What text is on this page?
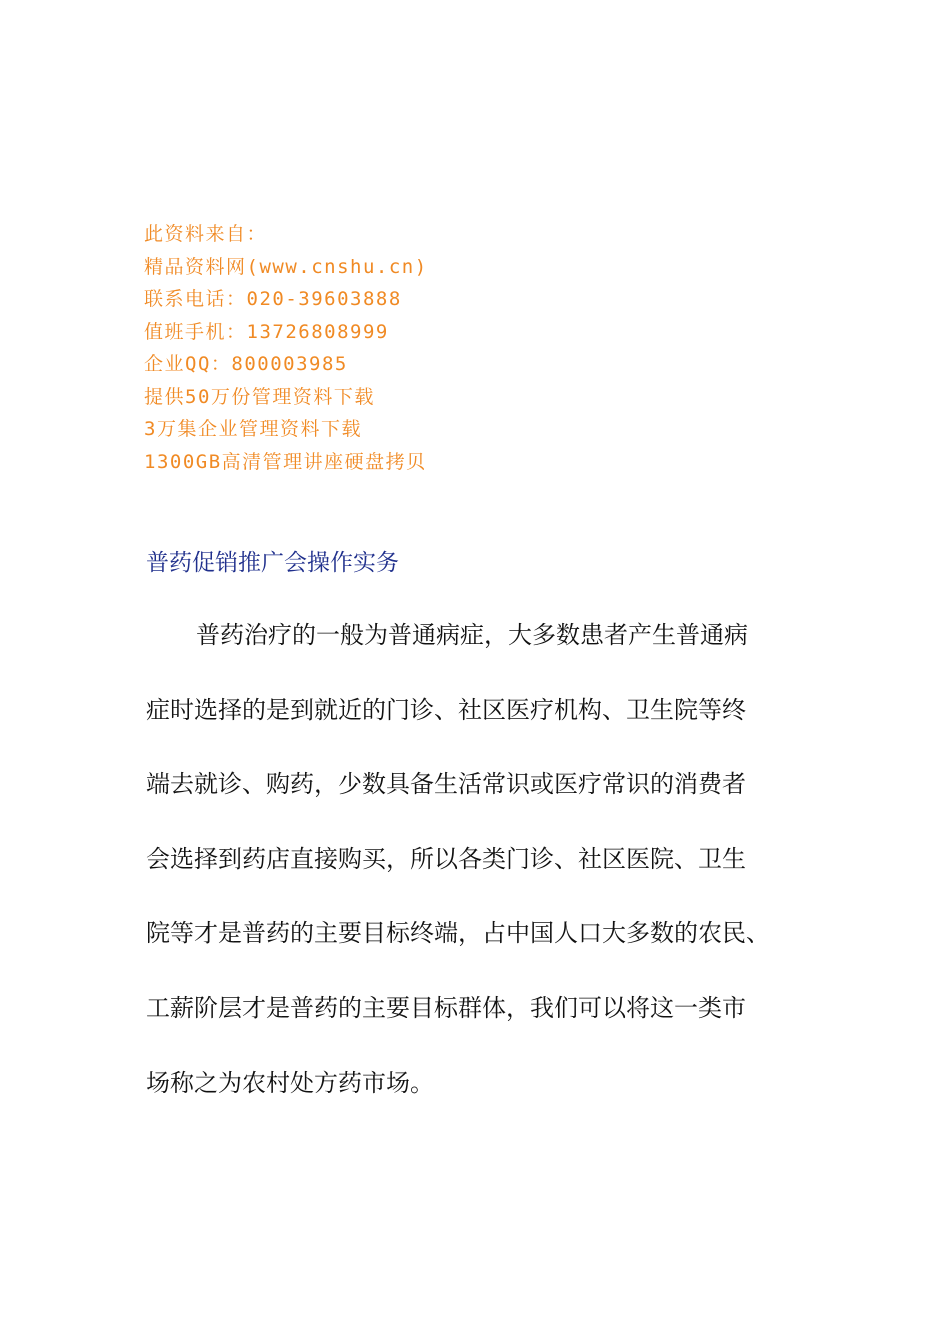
此资料来自：
精品资料网(www.cnshu.cn)
联系电话：020-39603888
值班手机：13726808999
企业QQ：800003985
提供50万份管理资料下载
3万集企业管理资料下载
1300GB高清管理讲座硬盘拷贝
普药促销推广会操作实务
普药治疗的一般为普通病症，大多数患者产生普通病
症时选择的是到就近的门诊、社区医疗机构、卫生院等终
端去就诊、购药，少数具备生活常识或医疗常识的消费者
会选择到药店直接购买，所以各类门诊、社区医院、卫生
院等才是普药的主要目标终端，占中国人口大多数的农民、
工薪阶层才是普药的主要目标群体，我们可以将这一类市
场称之为农村处方药市场。
